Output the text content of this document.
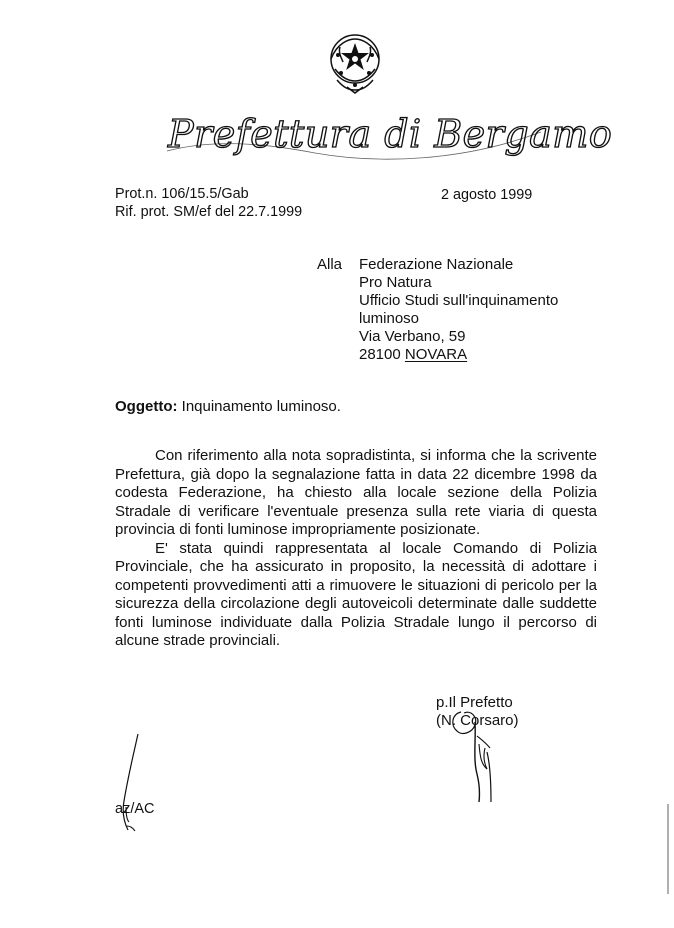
Prefettura di Bergamo
Prot.n. 106/15.5/Gab
Rif. prot. SM/ef del 22.7.1999
2 agosto 1999
Alla Federazione Nazionale
Pro Natura
Ufficio Studi sull'inquinamento
luminoso
Via Verbano, 59
28100 NOVARA
Oggetto: Inquinamento luminoso.

Con riferimento alla nota sopradistinta, si informa che la scrivente Prefettura, già dopo la segnalazione fatta in data 22 dicembre 1998 da codesta Federazione, ha chiesto alla locale sezione della Polizia Stradale di verificare l'eventuale presenza sulla rete viaria di questa provincia di fonti luminose impropriamente posizionate.

E' stata quindi rappresentata al locale Comando di Polizia Provinciale, che ha assicurato in proposito, la necessità di adottare i competenti provvedimenti atti a rimuovere le situazioni di pericolo per la sicurezza della circolazione degli autoveicoli determinate dalle suddette fonti luminose individuate dalla Polizia Stradale lungo il percorso di alcune strade provinciali.

p.Il Prefetto
(N. Corsaro)
az/AC
